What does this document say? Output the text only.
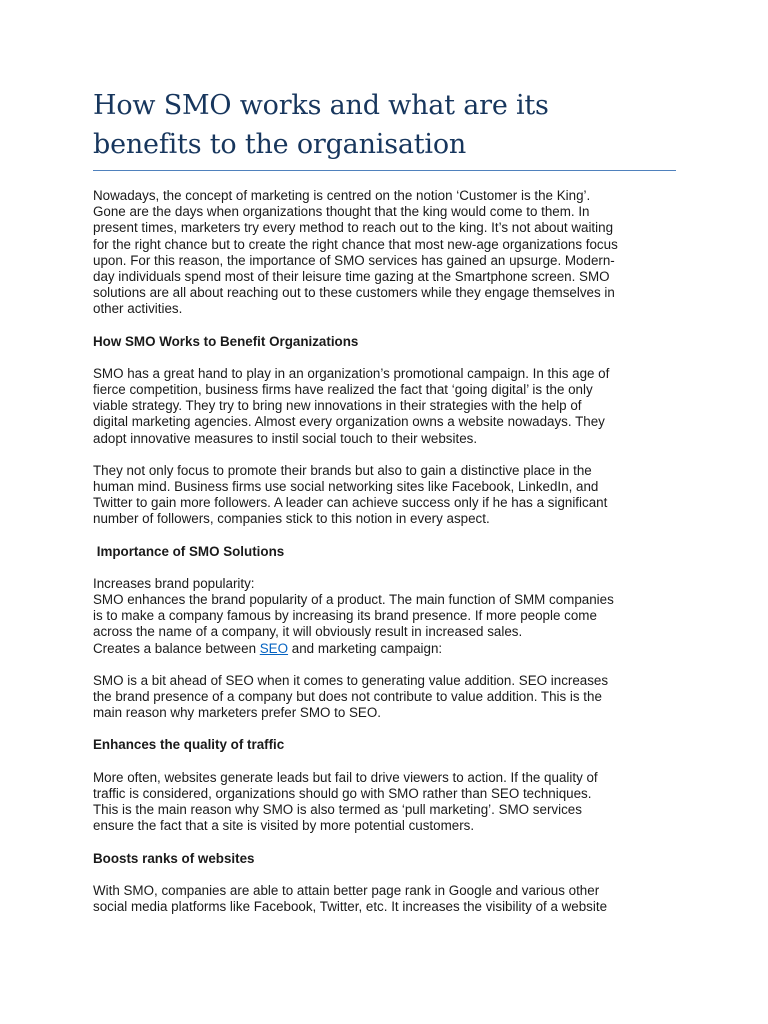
How SMO works and what are its
benefits to the organisation

Nowadays, the concept of marketing is centred on the notion ‘Customer is the King’.
Gone are the days when organizations thought that the king would come to them. In
present times, marketers try every method to reach out to the king. It’s not about waiting
for the right chance but to create the right chance that most new-age organizations focus
upon. For this reason, the importance of SMO services has gained an upsurge. Modern-
day individuals spend most of their leisure time gazing at the Smartphone screen. SMO
solutions are all about reaching out to these customers while they engage themselves in
other activities.

How SMO Works to Benefit Organizations

SMO has a great hand to play in an organization’s promotional campaign. In this age of
fierce competition, business firms have realized the fact that ‘going digital’ is the only
viable strategy. They try to bring new innovations in their strategies with the help of
digital marketing agencies. Almost every organization owns a website nowadays. They
adopt innovative measures to instil social touch to their websites.

They not only focus to promote their brands but also to gain a distinctive place in the
human mind. Business firms use social networking sites like Facebook, LinkedIn, and
Twitter to gain more followers. A leader can achieve success only if he has a significant
number of followers, companies stick to this notion in every aspect.

Importance of SMO Solutions

Increases brand popularity:
SMO enhances the brand popularity of a product. The main function of SMM companies
is to make a company famous by increasing its brand presence. If more people come
across the name of a company, it will obviously result in increased sales.
Creates a balance between SEO and marketing campaign:

SMO is a bit ahead of SEO when it comes to generating value addition. SEO increases
the brand presence of a company but does not contribute to value addition. This is the
main reason why marketers prefer SMO to SEO.

Enhances the quality of traffic

More often, websites generate leads but fail to drive viewers to action. If the quality of
traffic is considered, organizations should go with SMO rather than SEO techniques.
This is the main reason why SMO is also termed as ‘pull marketing’. SMO services
ensure the fact that a site is visited by more potential customers.

Boosts ranks of websites

With SMO, companies are able to attain better page rank in Google and various other
social media platforms like Facebook, Twitter, etc. It increases the visibility of a website
